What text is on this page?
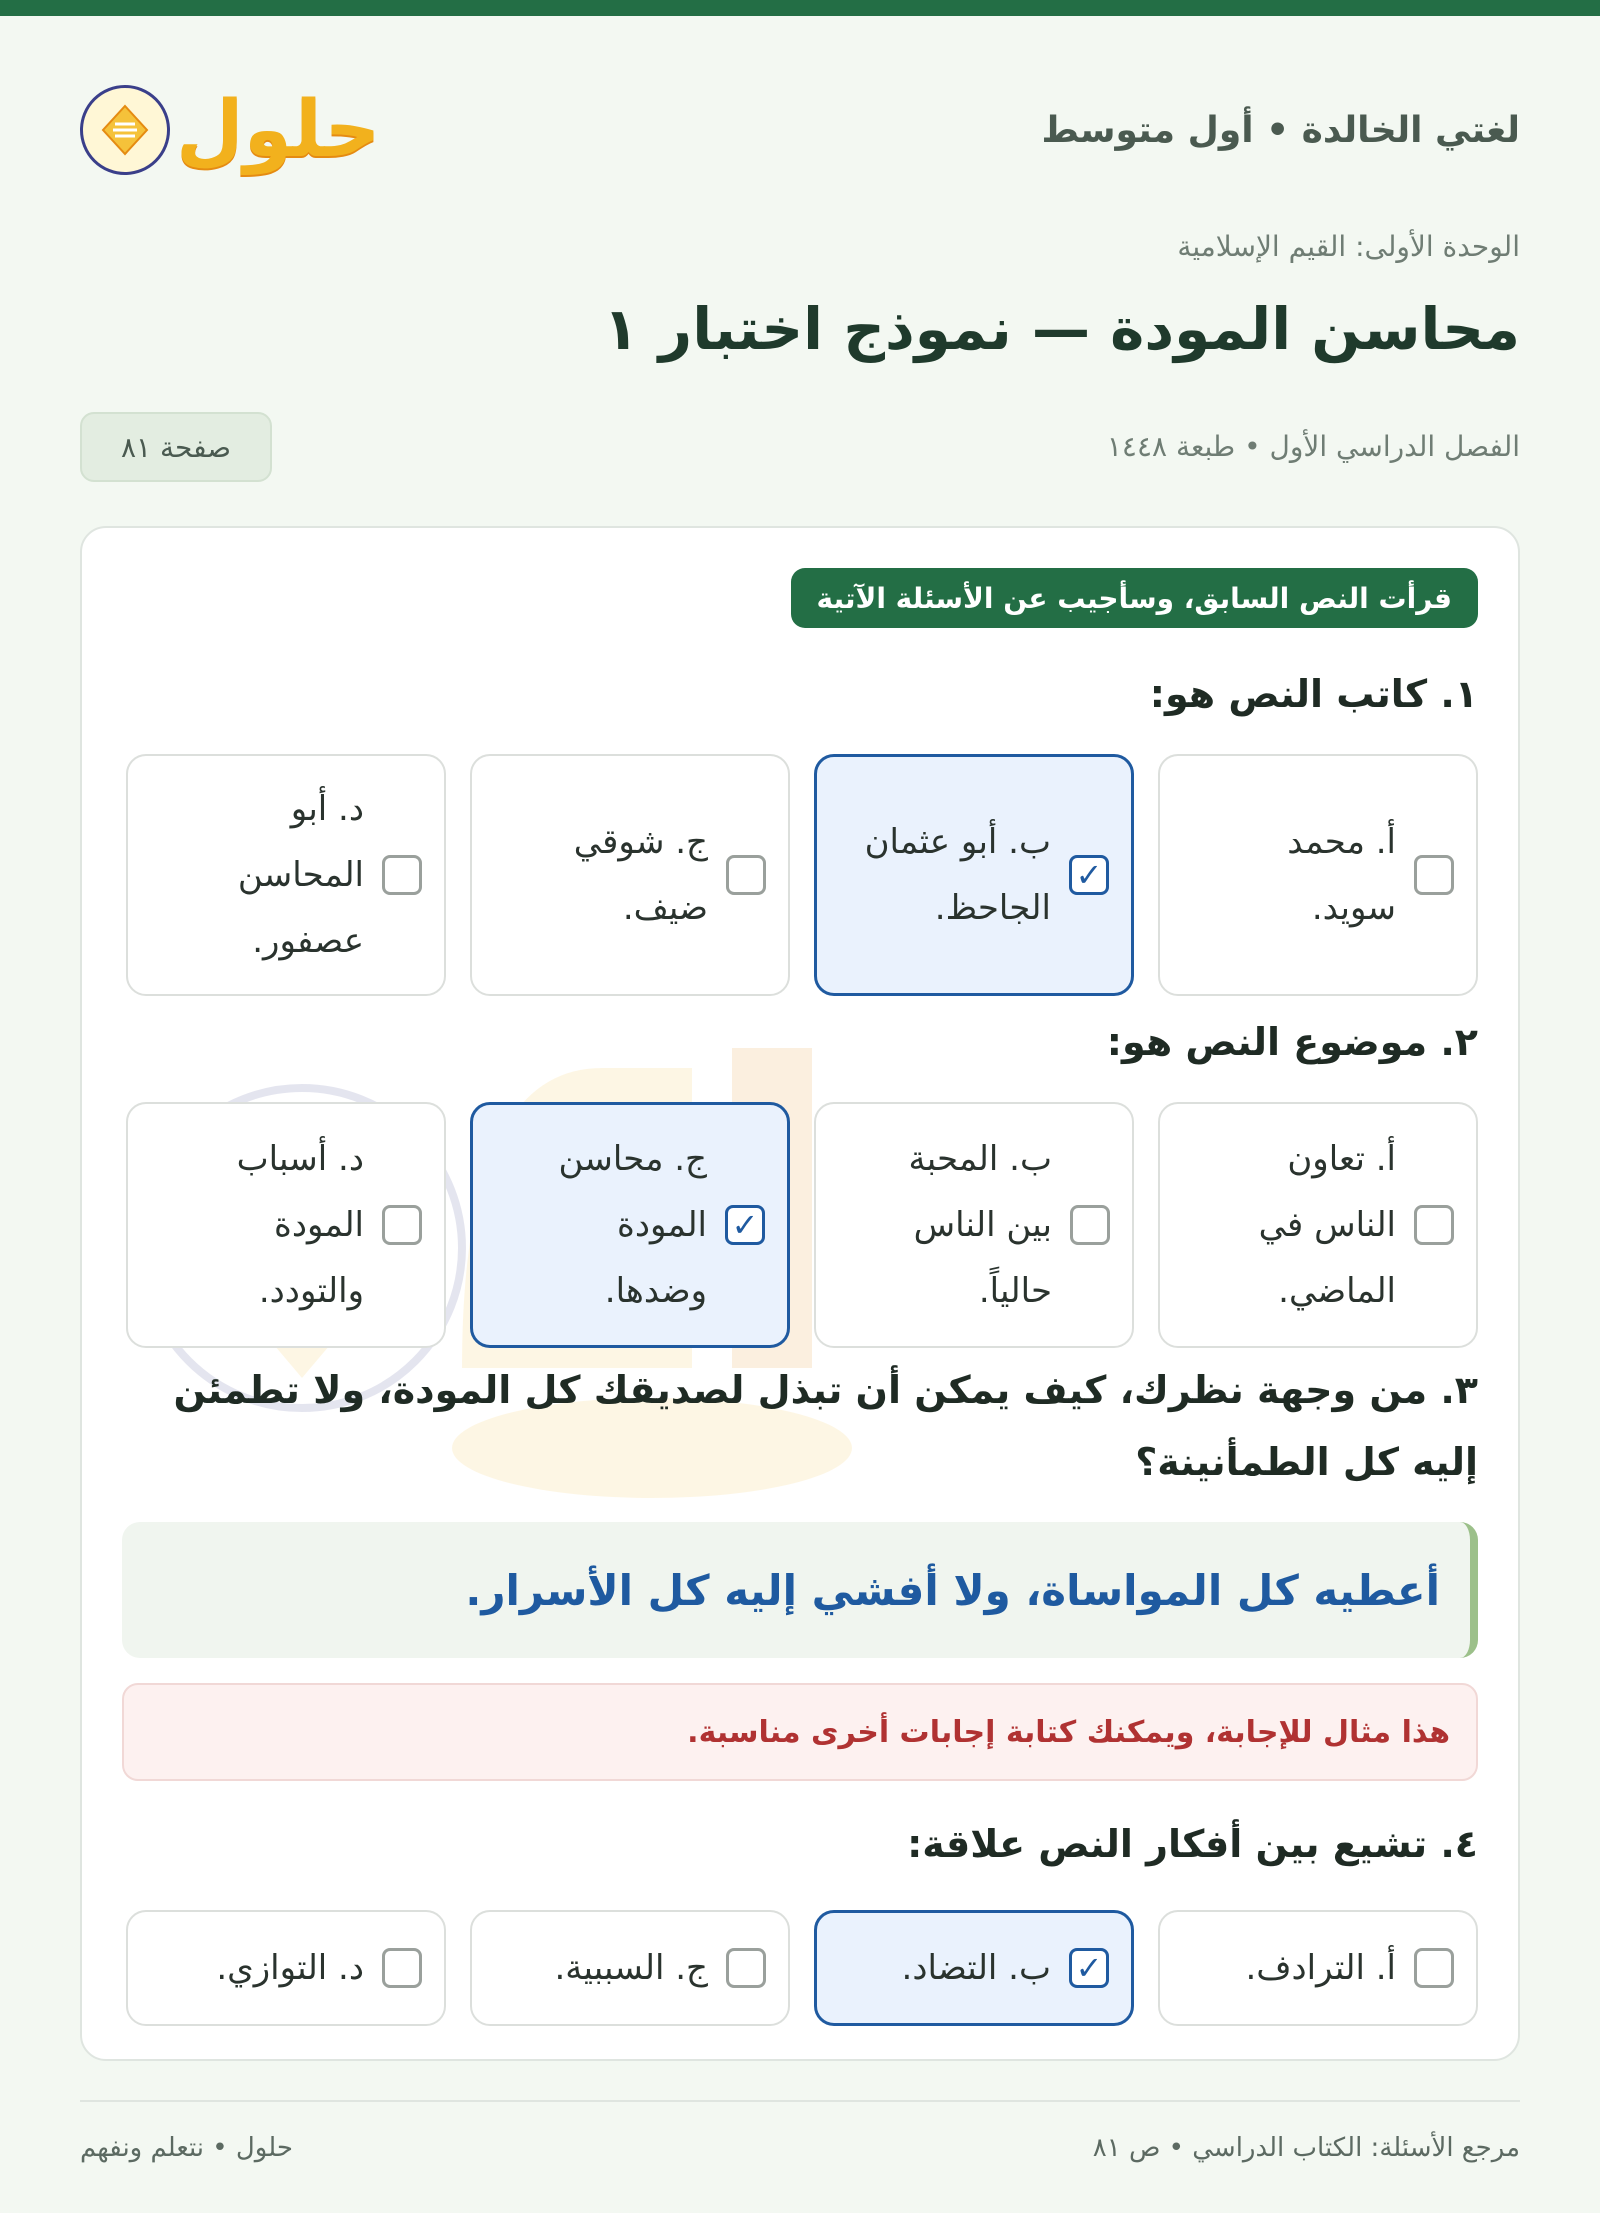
لغتي الخالدة • أول متوسط
حلول
الوحدة الأولى: القيم الإسلامية
محاسن المودة — نموذج اختبار ١
الفصل الدراسي الأول • طبعة ١٤٤٨
صفحة ٨١
قرأت النص السابق، وسأجيب عن الأسئلة الآتية
١. كاتب النص هو:
أ. محمد
سويد.
✓
ب. أبو عثمان
الجاحظ.
ج. شوقي
ضيف.
د. أبو
المحاسن
عصفور.
٢. موضوع النص هو:
أ. تعاون
الناس في
الماضي.
ب. المحبة
بين الناس
حالياً.
✓
ج. محاسن
المودة
وضدها.
د. أسباب
المودة
والتودد.
٣. من وجهة نظرك، كيف يمكن أن تبذل لصديقك كل المودة، ولا تطمئن إليه كل الطمأنينة؟
أعطيه كل المواساة، ولا أفشي إليه كل الأسرار.
هذا مثال للإجابة، ويمكنك كتابة إجابات أخرى مناسبة.
٤. تشيع بين أفكار النص علاقة:
أ. الترادف.
✓
ب. التضاد.
ج. السببية.
د. التوازي.
مرجع الأسئلة: الكتاب الدراسي • ص ٨١
حلول • نتعلم ونفهم
